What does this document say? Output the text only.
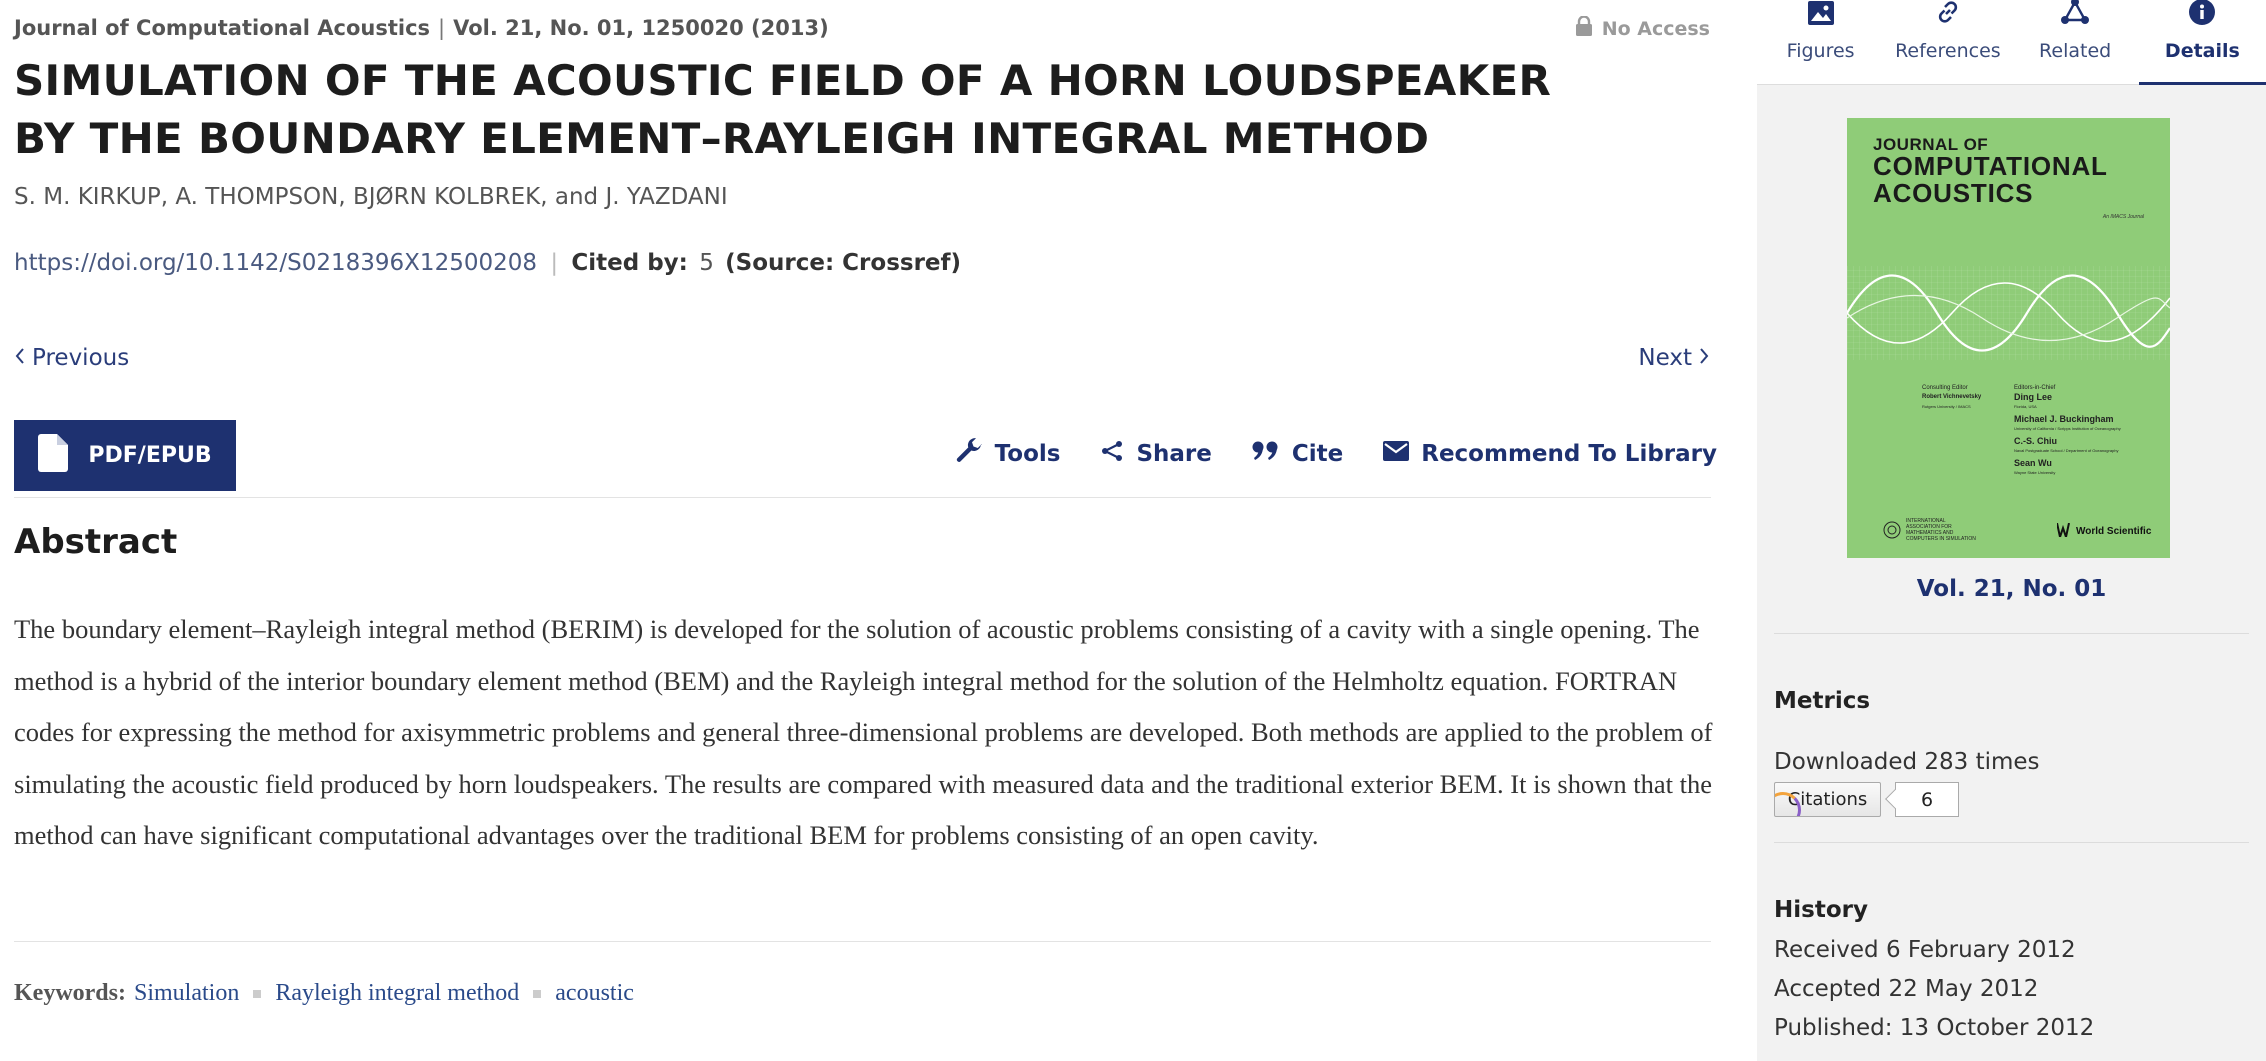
Journal of Computational Acoustics | Vol. 21, No. 01, 1250020 (2013)	No Access
SIMULATION OF THE ACOUSTIC FIELD OF A HORN LOUDSPEAKER BY THE BOUNDARY ELEMENT–RAYLEIGH INTEGRAL METHOD
S. M. KIRKUP, A. THOMPSON, BJØRN KOLBREK, and J. YAZDANI
https://doi.org/10.1142/S0218396X12500208 | Cited by: 5 (Source: Crossref)
Previous	Next
PDF/EPUB	Tools	Share	Cite	Recommend To Library
Abstract

The boundary element–Rayleigh integral method (BERIM) is developed for the solution of acoustic problems consisting of a cavity with a single opening. The method is a hybrid of the interior boundary element method (BEM) and the Rayleigh integral method for the solution of the Helmholtz equation. FORTRAN codes for expressing the method for axisymmetric problems and general three-dimensional problems are developed. Both methods are applied to the problem of simulating the acoustic field produced by horn loudspeakers. The results are compared with measured data and the traditional exterior BEM. It is shown that the method can have significant computational advantages over the traditional BEM for problems consisting of an open cavity.

Keywords: Simulation Rayleigh integral method acoustic
Figures References Related	Details
JOURNAL OF
COMPUTATIONAL
ACOUSTICS
An IMACS Journal
Consulting Editor
Robert Vichnevetsky
Rutgers University / IMACS
Editors-in-Chief
Ding Lee
Florida, USA
Michael J. Buckingham
University of California / Scripps Institution of Oceanography
C.-S. Chiu
Naval Postgraduate School / Department of Oceanography
Sean Wu
Wayne State University
INTERNATIONAL ASSOCIATION FOR MATHEMATICS AND COMPUTERS IN SIMULATION
World Scientific
Vol. 21, No. 01
Metrics
Downloaded 283 times
Citations	6
History
Received 6 February 2012
Accepted 22 May 2012
Published: 13 October 2012
